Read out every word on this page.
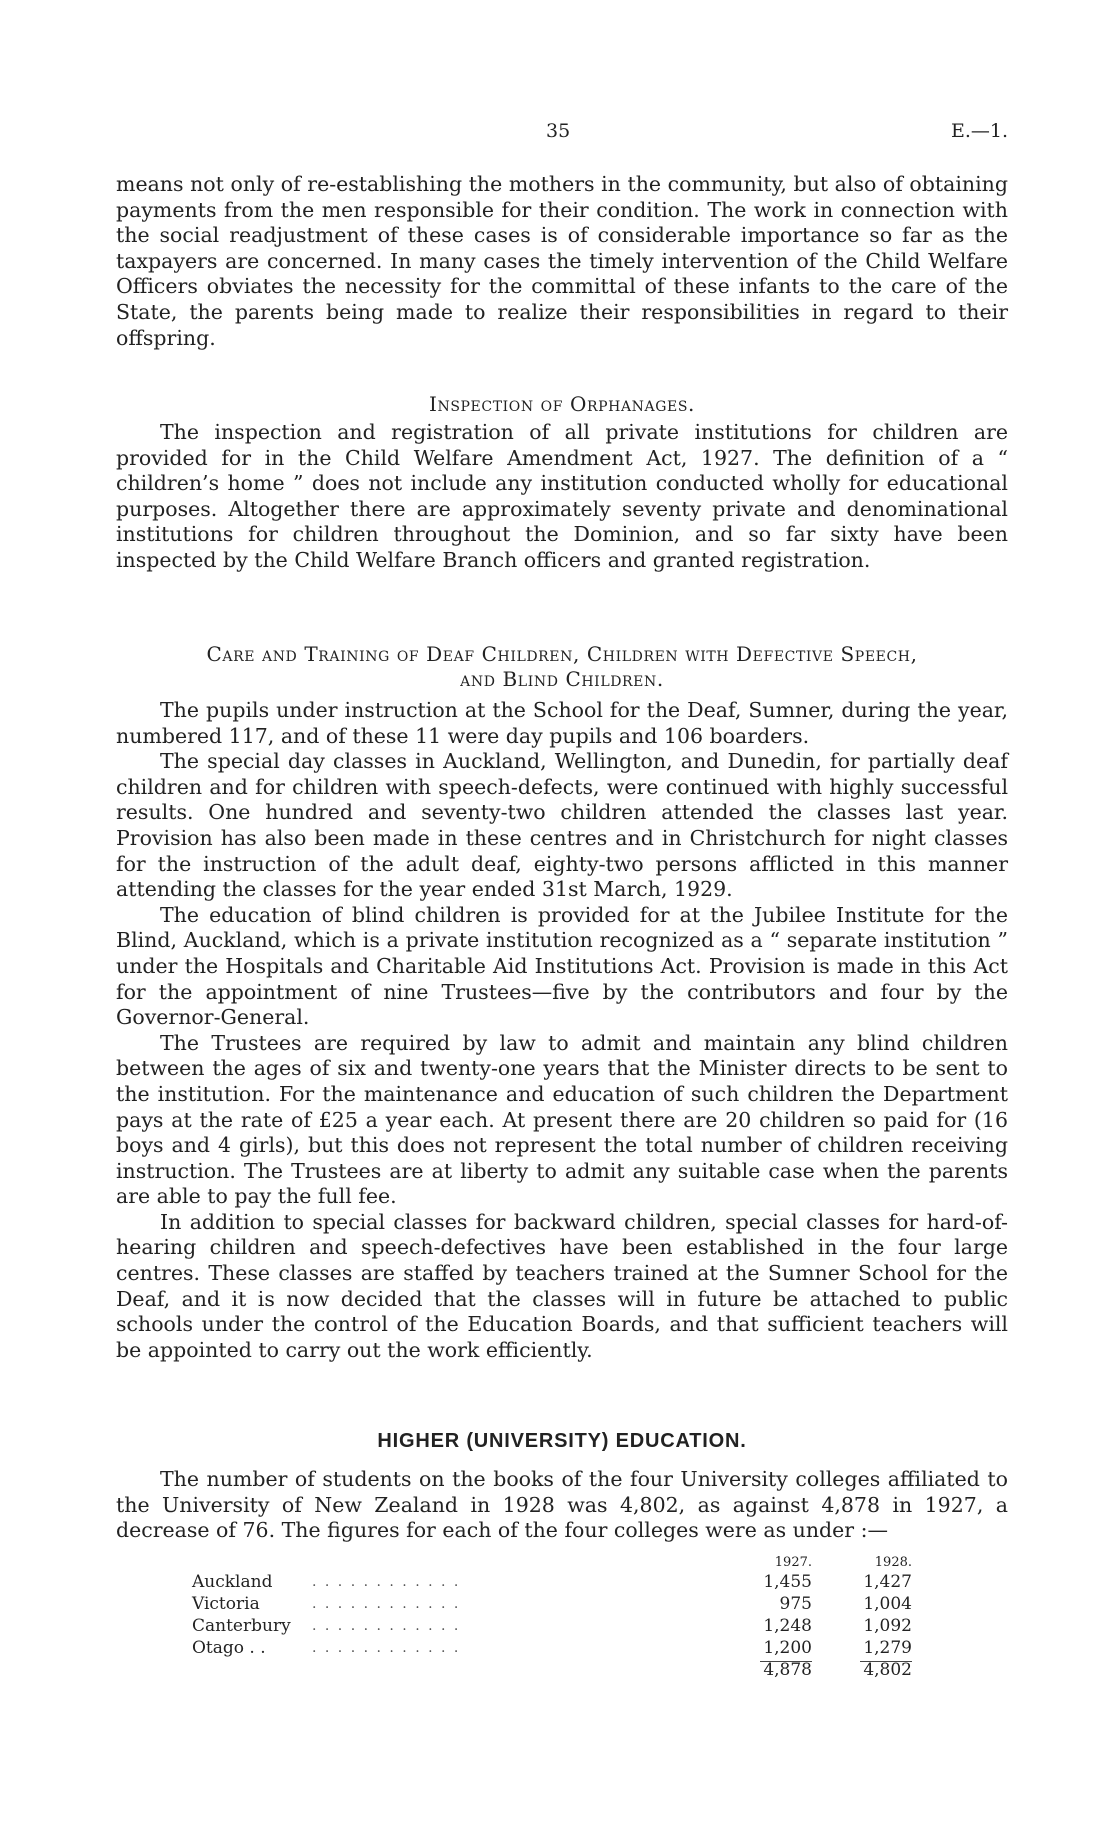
35	E.—1.

means not only of re-establishing the mothers in the community, but also of obtaining payments from the men responsible for their condition. The work in connection with the social readjustment of these cases is of considerable importance so far as the taxpayers are concerned. In many cases the timely intervention of the Child Welfare Officers obviates the necessity for the committal of these infants to the care of the State, the parents being made to realize their responsibilities in regard to their offspring.

Inspection of Orphanages.

The inspection and registration of all private institutions for children are provided for in the Child Welfare Amendment Act, 1927. The definition of a “ children’s home ” does not include any institution conducted wholly for educational purposes. Altogether there are approximately seventy private and denominational institutions for children throughout the Dominion, and so far sixty have been inspected by the Child Welfare Branch officers and granted registration.

Care and Training of Deaf Children, Children with Defective Speech,
and Blind Children.

The pupils under instruction at the School for the Deaf, Sumner, during the year, numbered 117, and of these 11 were day pupils and 106 boarders.

The special day classes in Auckland, Wellington, and Dunedin, for partially deaf children and for children with speech-defects, were continued with highly successful results. One hundred and seventy-two children attended the classes last year. Provision has also been made in these centres and in Christchurch for night classes for the instruction of the adult deaf, eighty-two persons afflicted in this manner attending the classes for the year ended 31st March, 1929.

The education of blind children is provided for at the Jubilee Institute for the Blind, Auckland, which is a private institution recognized as a “ separate institution ” under the Hospitals and Charitable Aid Institutions Act. Provision is made in this Act for the appointment of nine Trustees—five by the contributors and four by the Governor-General.

The Trustees are required by law to admit and maintain any blind children between the ages of six and twenty-one years that the Minister directs to be sent to the institution. For the maintenance and education of such children the Department pays at the rate of £25 a year each. At present there are 20 children so paid for (16 boys and 4 girls), but this does not represent the total number of children receiving instruction. The Trustees are at liberty to admit any suitable case when the parents are able to pay the full fee.

In addition to special classes for backward children, special classes for hard-of-hearing children and speech-defectives have been established in the four large centres. These classes are staffed by teachers trained at the Sumner School for the Deaf, and it is now decided that the classes will in future be attached to public schools under the control of the Education Boards, and that sufficient teachers will be appointed to carry out the work efficiently.

HIGHER (UNIVERSITY) EDUCATION.

The number of students on the books of the four University colleges affiliated to the University of New Zealand in 1928 was 4,802, as against 4,878 in 1927, a decrease of 76. The figures for each of the four colleges were as under :—

		1927.	1928.
Auckland	. . . . . . . . . . . .	1,455	1,427
Victoria	. . . . . . . . . . . .	975	1,004
Canterbury	. . . . . . . . . . . .	1,248	1,092
Otago . .	. . . . . . . . . . . .	1,200	1,279
		4,878	4,802
